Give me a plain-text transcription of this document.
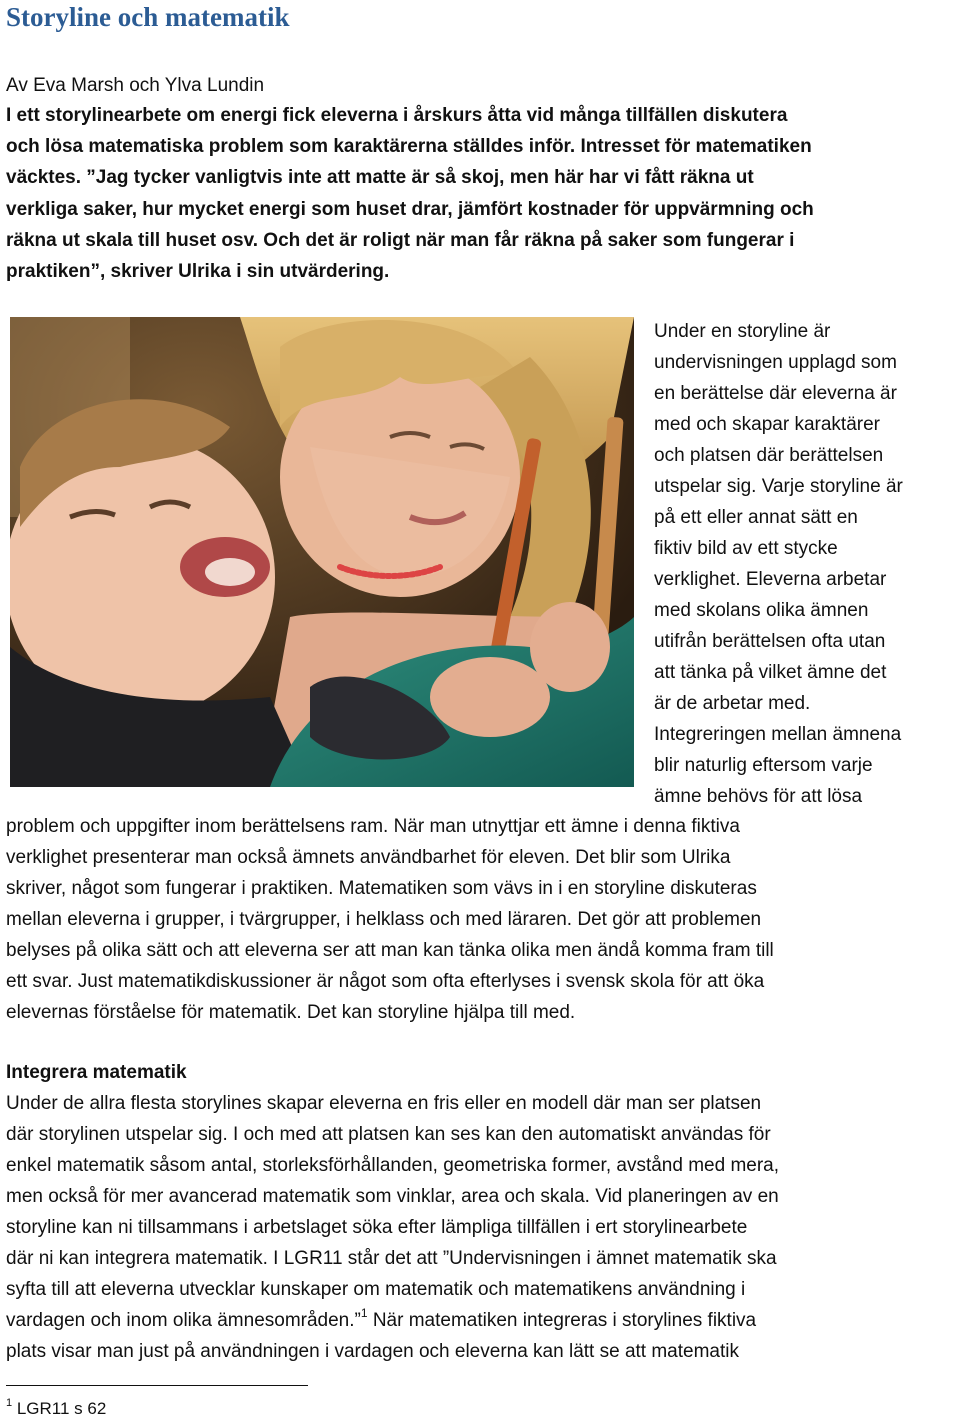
Storyline och matematik
Av Eva Marsh och Ylva Lundin
I ett storylinearbete om energi fick eleverna i årskurs åtta vid många tillfällen diskutera
och lösa matematiska problem som karaktärerna ställdes inför. Intresset för matematiken
väcktes. ”Jag tycker vanligtvis inte att matte är så skoj, men här har vi fått räkna ut
verkliga saker, hur mycket energi som huset drar, jämfört kostnader för uppvärmning och
räkna ut skala till huset osv. Och det är roligt när man får räkna på saker som fungerar i
praktiken”, skriver Ulrika i sin utvärdering.
Under en storyline är
undervisningen upplagd som
en berättelse där eleverna är
med och skapar karaktärer
och platsen där berättelsen
utspelar sig. Varje storyline är
på ett eller annat sätt en
fiktiv bild av ett stycke
verklighet. Eleverna arbetar
med skolans olika ämnen
utifrån berättelsen ofta utan
att tänka på vilket ämne det
är de arbetar med.
Integreringen mellan ämnena
blir naturlig eftersom varje
ämne behövs för att lösa
problem och uppgifter inom berättelsens ram. När man utnyttjar ett ämne i denna fiktiva
verklighet presenterar man också ämnets användbarhet för eleven. Det blir som Ulrika
skriver, något som fungerar i praktiken. Matematiken som vävs in i en storyline diskuteras
mellan eleverna i grupper, i tvärgrupper, i helklass och med läraren. Det gör att problemen
belyses på olika sätt och att eleverna ser att man kan tänka olika men ändå komma fram till
ett svar. Just matematikdiskussioner är något som ofta efterlyses i svensk skola för att öka
elevernas förståelse för matematik. Det kan storyline hjälpa till med.
Integrera matematik
Under de allra flesta storylines skapar eleverna en fris eller en modell där man ser platsen
där storylinen utspelar sig. I och med att platsen kan ses kan den automatiskt användas för
enkel matematik såsom antal, storleksförhållanden, geometriska former, avstånd med mera,
men också för mer avancerad matematik som vinklar, area och skala. Vid planeringen av en
storyline kan ni tillsammans i arbetslaget söka efter lämpliga tillfällen i ert storylinearbete
där ni kan integrera matematik. I LGR11 står det att ”Undervisningen i ämnet matematik ska
syfta till att eleverna utvecklar kunskaper om matematik och matematikens användning i
vardagen och inom olika ämnesområden.”$^1$ När matematiken integreras i storylines fiktiva
plats visar man just på användningen i vardagen och eleverna kan lätt se att matematik
$^1$ LGR11 s 62
